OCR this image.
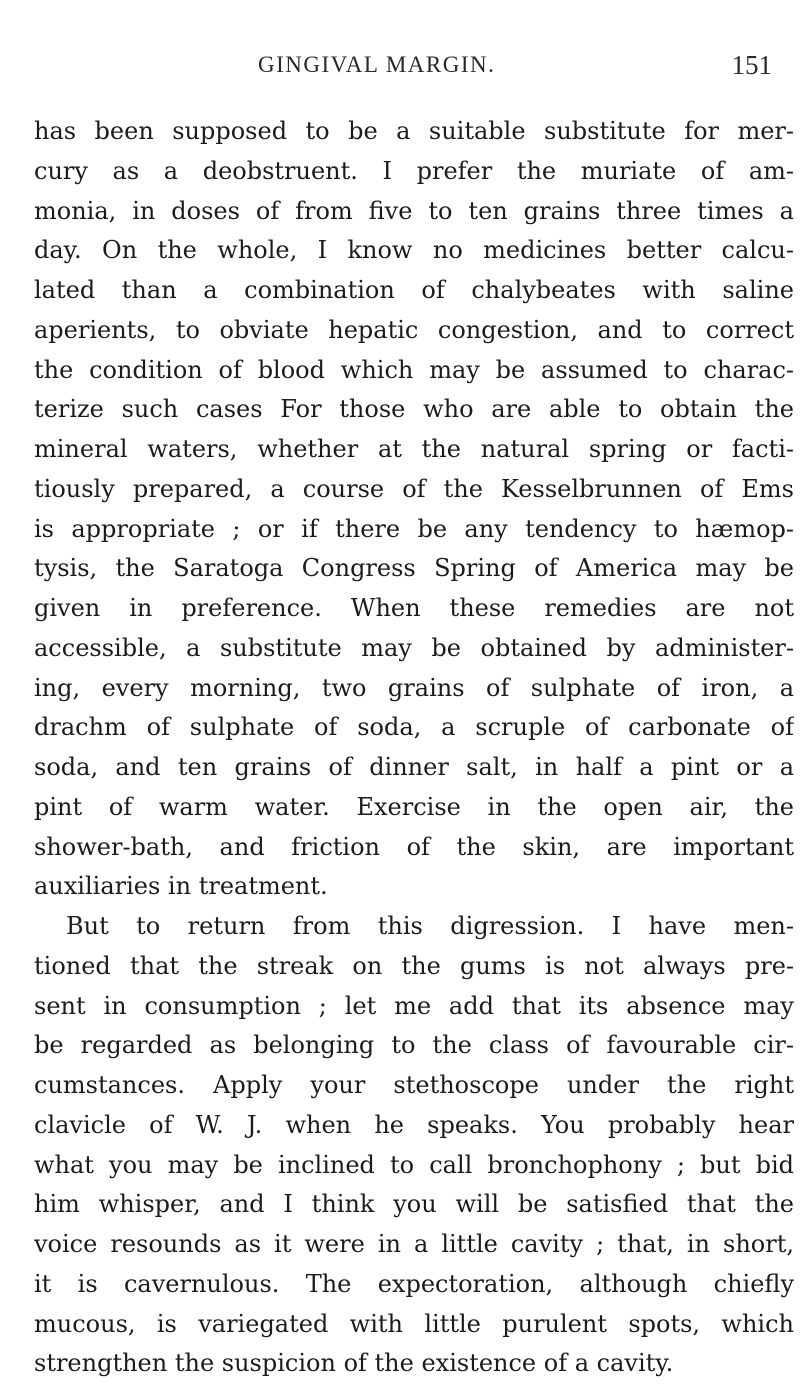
GINGIVAL MARGIN.	151
has been supposed to be a suitable substitute for mer-
cury as a deobstruent. I prefer the muriate of am-
monia, in doses of from five to ten grains three times a
day. On the whole, I know no medicines better calcu-
lated than a combination of chalybeates with saline
aperients, to obviate hepatic congestion, and to correct
the condition of blood which may be assumed to charac-
terize such cases For those who are able to obtain the
mineral waters, whether at the natural spring or facti-
tiously prepared, a course of the Kesselbrunnen of Ems
is appropriate ; or if there be any tendency to hæmop-
tysis, the Saratoga Congress Spring of America may be
given in preference. When these remedies are not
accessible, a substitute may be obtained by administer-
ing, every morning, two grains of sulphate of iron, a
drachm of sulphate of soda, a scruple of carbonate of
soda, and ten grains of dinner salt, in half a pint or a
pint of warm water. Exercise in the open air, the
shower-bath, and friction of the skin, are important
auxiliaries in treatment.
But to return from this digression. I have men-
tioned that the streak on the gums is not always pre-
sent in consumption ; let me add that its absence may
be regarded as belonging to the class of favourable cir-
cumstances. Apply your stethoscope under the right
clavicle of W. J. when he speaks. You probably hear
what you may be inclined to call bronchophony ; but bid
him whisper, and I think you will be satisfied that the
voice resounds as it were in a little cavity ; that, in short,
it is cavernulous. The expectoration, although chiefly
mucous, is variegated with little purulent spots, which
strengthen the suspicion of the existence of a cavity.
